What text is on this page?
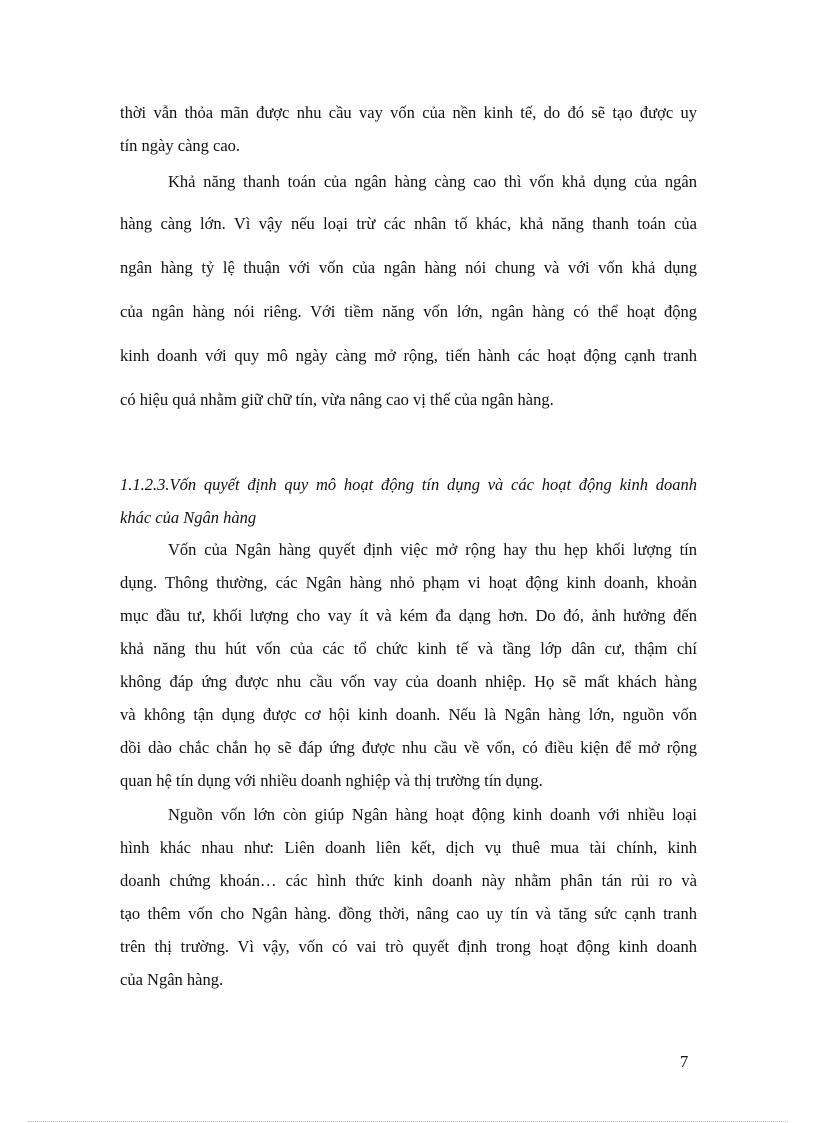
thời vẫn thỏa mãn được nhu cầu vay vốn của nền kinh tế, do đó sẽ tạo được uy
tín ngày càng cao.
Khả năng thanh toán của ngân hàng càng cao thì vốn khả dụng của ngân
hàng càng lớn. Vì vậy nếu loại trừ các nhân tố khác, khả năng thanh toán của
ngân hàng tỷ lệ thuận với vốn của ngân hàng nói chung và với vốn khả dụng
của ngân hàng nói riêng. Với tiềm năng vốn lớn, ngân hàng có thể hoạt động
kinh doanh với quy mô ngày càng mở rộng, tiến hành các hoạt động cạnh tranh
có hiệu quả nhằm giữ chữ tín, vừa nâng cao vị thế của ngân hàng.
1.1.2.3.Vốn quyết định quy mô hoạt động tín dụng và các hoạt động kinh doanh
khác của Ngân hàng
Vốn của Ngân hàng quyết định việc mở rộng hay thu hẹp khối lượng tín
dụng. Thông thường, các Ngân hàng nhỏ phạm vi hoạt động kinh doanh, khoản
mục đầu tư, khối lượng cho vay ít và kém đa dạng hơn. Do đó, ảnh hưởng đến
khả năng thu hút vốn của các tổ chức kinh tế và tầng lớp dân cư, thậm chí
không đáp ứng được nhu cầu vốn vay của doanh nhiệp. Họ sẽ mất khách hàng
và không tận dụng được cơ hội kinh doanh. Nếu là Ngân hàng lớn, nguồn vốn
dồi dào chắc chắn họ sẽ đáp ứng được nhu cầu về vốn, có điều kiện để mở rộng
quan hệ tín dụng với nhiều doanh nghiệp và thị trường tín dụng.
Nguồn vốn lớn còn giúp Ngân hàng hoạt động kinh doanh với nhiều loại
hình khác nhau như: Liên doanh liên kết, dịch vụ thuê mua tài chính, kinh
doanh chứng khoán… các hình thức kinh doanh này nhằm phân tán rủi ro và
tạo thêm vốn cho Ngân hàng. đồng thời, nâng cao uy tín và tăng sức cạnh tranh
trên thị trường. Vì vậy, vốn có vai trò quyết định trong hoạt động kinh doanh
của Ngân hàng.
7
